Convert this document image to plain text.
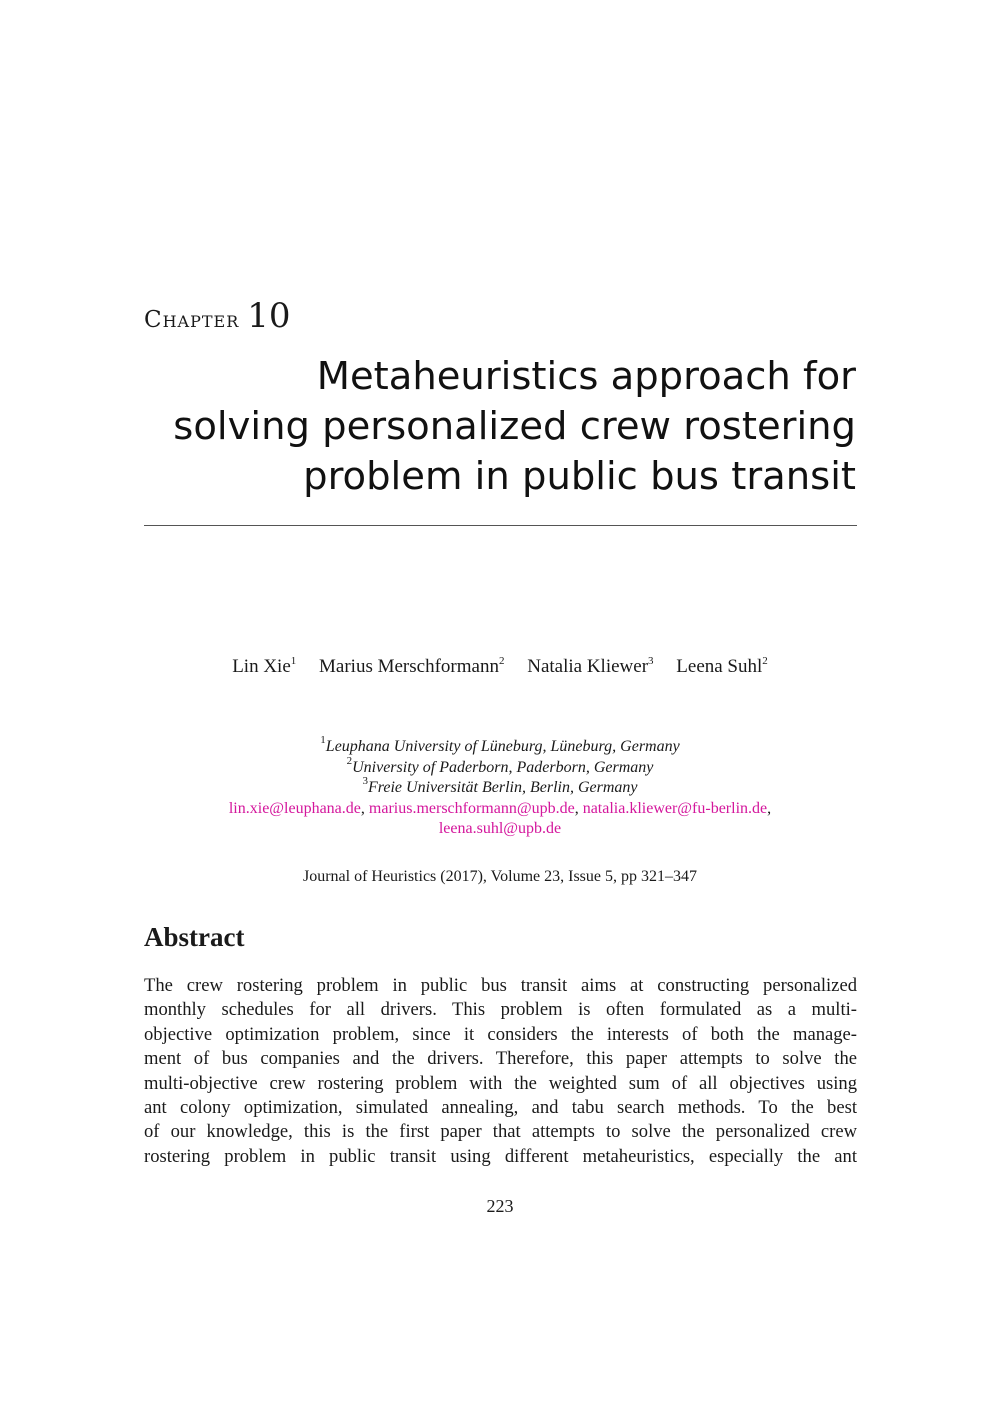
Chapter 10
Metaheuristics approach for
solving personalized crew rostering
problem in public bus transit
Lin Xie$^1$ Marius Merschformann$^2$ Natalia Kliewer$^3$ Leena Suhl$^2$
$^1$Leuphana University of Lüneburg, Lüneburg, Germany
$^2$University of Paderborn, Paderborn, Germany
$^3$Freie Universität Berlin, Berlin, Germany
lin.xie@leuphana.de, marius.merschformann@upb.de, natalia.kliewer@fu-berlin.de,
leena.suhl@upb.de
Journal of Heuristics (2017), Volume 23, Issue 5, pp 321–347
Abstract
The crew rostering problem in public bus transit aims at constructing personalized
monthly schedules for all drivers. This problem is often formulated as a multi-
objective optimization problem, since it considers the interests of both the manage-
ment of bus companies and the drivers. Therefore, this paper attempts to solve the
multi-objective crew rostering problem with the weighted sum of all objectives using
ant colony optimization, simulated annealing, and tabu search methods. To the best
of our knowledge, this is the first paper that attempts to solve the personalized crew
rostering problem in public transit using different metaheuristics, especially the ant
223
